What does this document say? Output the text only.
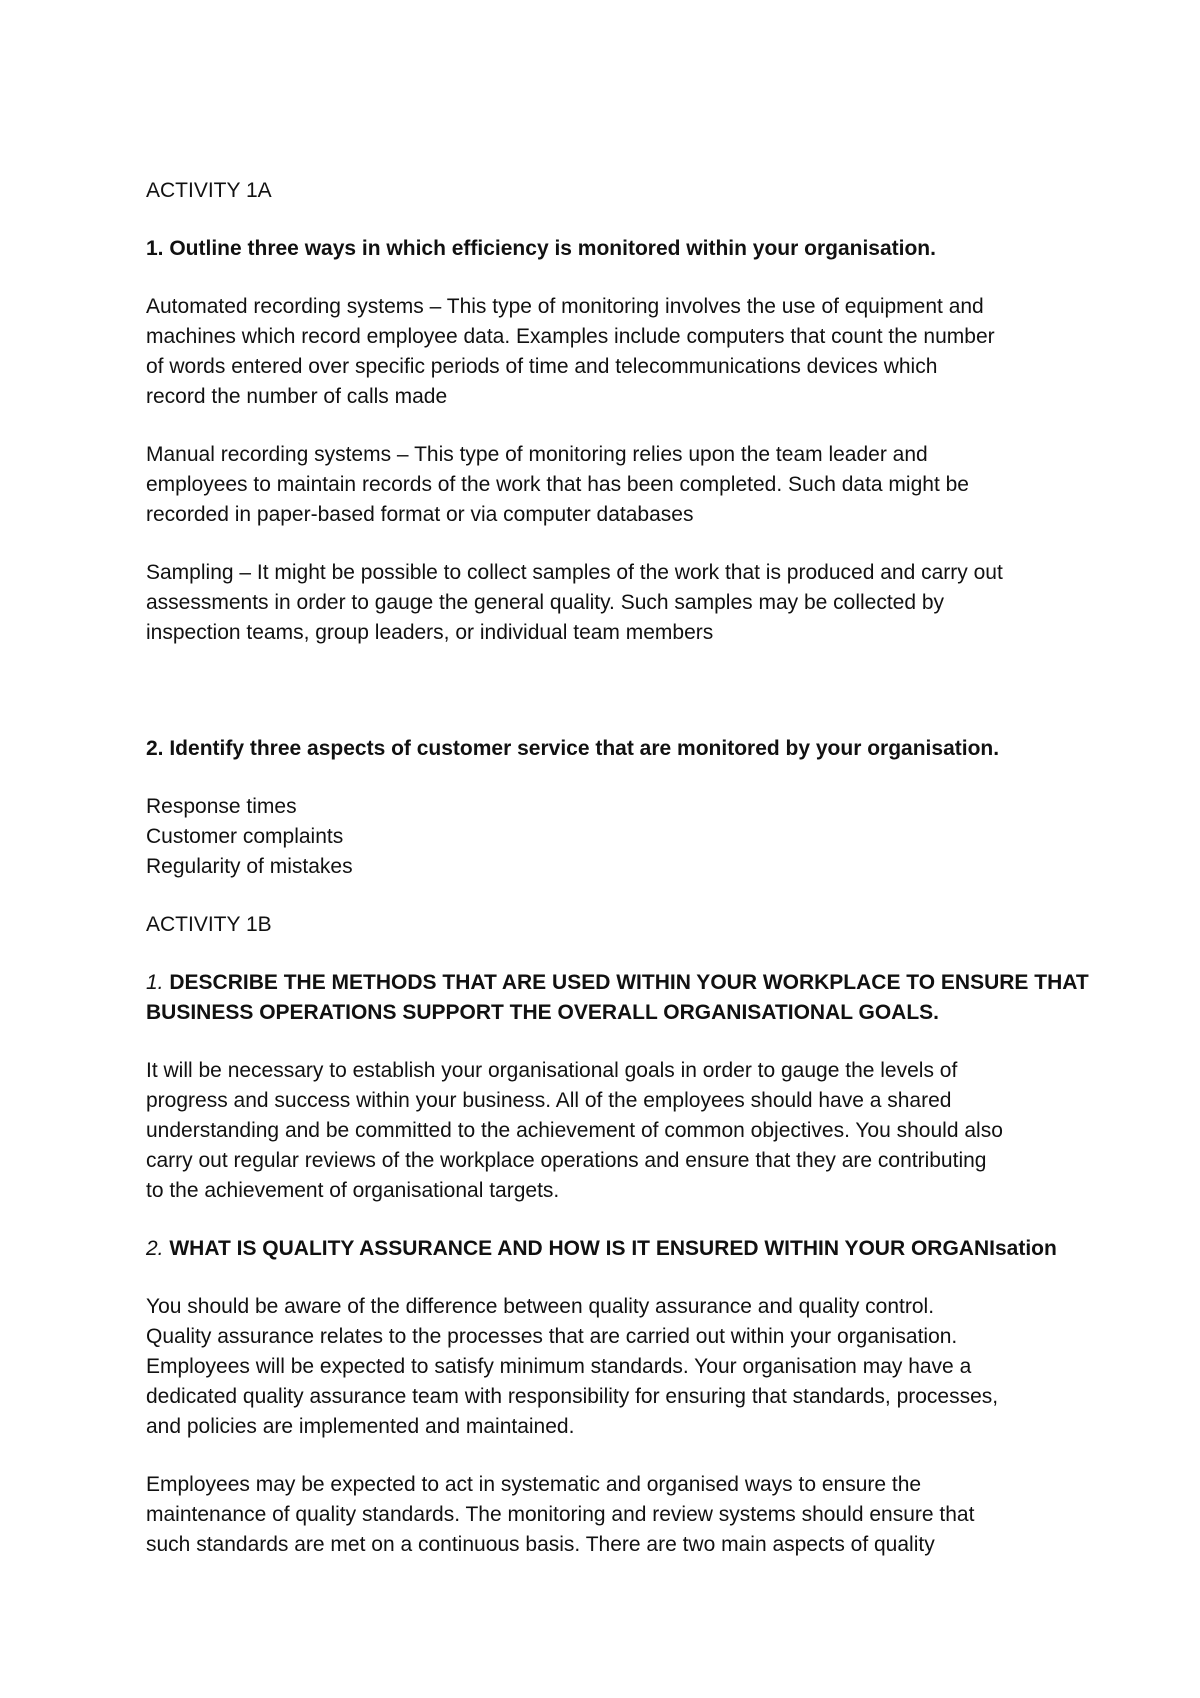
ACTIVITY 1A
1. Outline three ways in which efficiency is monitored within your organisation.
Automated recording systems – This type of monitoring involves the use of equipment and
machines which record employee data. Examples include computers that count the number
of words entered over specific periods of time and telecommunications devices which
record the number of calls made
Manual recording systems – This type of monitoring relies upon the team leader and
employees to maintain records of the work that has been completed. Such data might be
recorded in paper-based format or via computer databases
Sampling – It might be possible to collect samples of the work that is produced and carry out
assessments in order to gauge the general quality. Such samples may be collected by
inspection teams, group leaders, or individual team members
2. Identify three aspects of customer service that are monitored by your organisation.
Response times
Customer complaints
Regularity of mistakes
ACTIVITY 1B
1. DESCRIBE THE METHODS THAT ARE USED WITHIN YOUR WORKPLACE TO ENSURE THAT
BUSINESS OPERATIONS SUPPORT THE OVERALL ORGANISATIONAL GOALS.
It will be necessary to establish your organisational goals in order to gauge the levels of
progress and success within your business. All of the employees should have a shared
understanding and be committed to the achievement of common objectives. You should also
carry out regular reviews of the workplace operations and ensure that they are contributing
to the achievement of organisational targets.
2. WHAT IS QUALITY ASSURANCE AND HOW IS IT ENSURED WITHIN YOUR ORGANIsation
You should be aware of the difference between quality assurance and quality control.
Quality assurance relates to the processes that are carried out within your organisation.
Employees will be expected to satisfy minimum standards. Your organisation may have a
dedicated quality assurance team with responsibility for ensuring that standards, processes,
and policies are implemented and maintained.
Employees may be expected to act in systematic and organised ways to ensure the
maintenance of quality standards. The monitoring and review systems should ensure that
such standards are met on a continuous basis. There are two main aspects of quality
